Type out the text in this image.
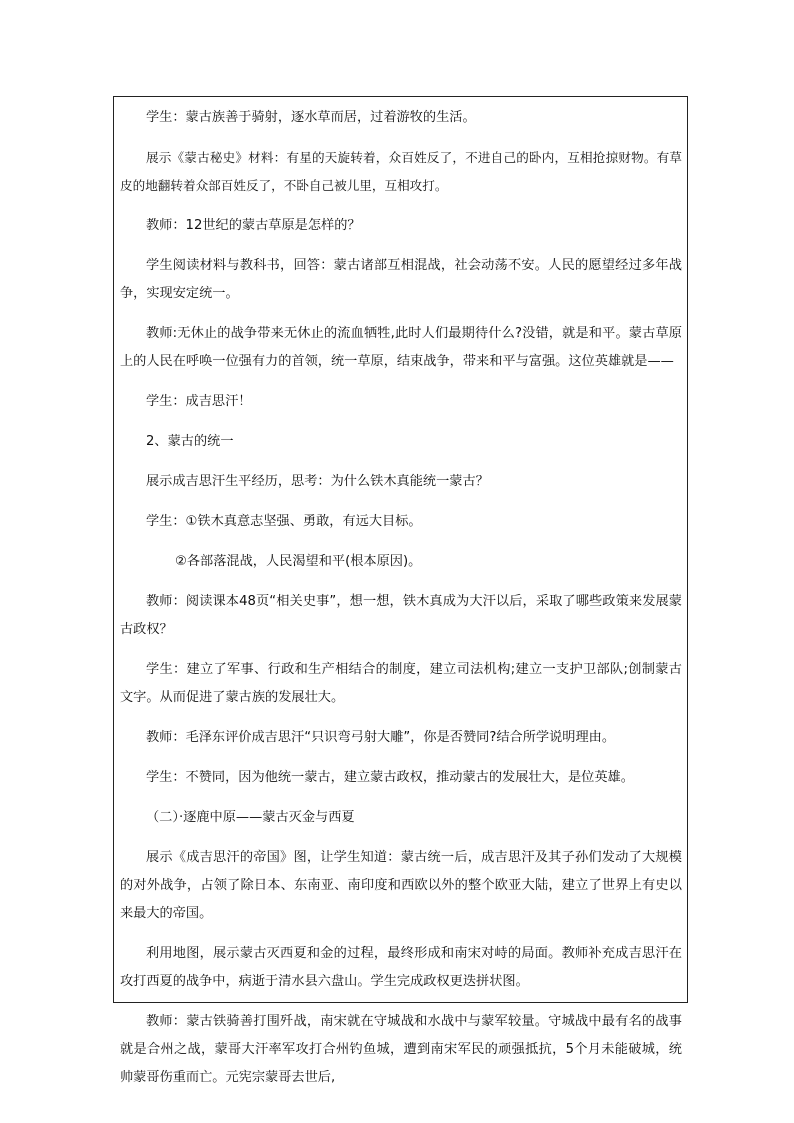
学生：蒙古族善于骑射，逐水草而居，过着游牧的生活。

展示《蒙古秘史》材料：有星的天旋转着，众百姓反了，不进自己的卧内，互相抢掠财物。有草皮的地翻转着众部百姓反了，不卧自己被儿里，互相攻打。

教师：12世纪的蒙古草原是怎样的？

学生阅读材料与教科书，回答：蒙古诸部互相混战，社会动荡不安。人民的愿望经过多年战争，实现安定统一。

教师:无休止的战争带来无休止的流血牺牲,此时人们最期待什么?没错，就是和平。蒙古草原上的人民在呼唤一位强有力的首领，统一草原，结束战争，带来和平与富强。这位英雄就是——

学生：成吉思汗！

2、蒙古的统一

展示成吉思汗生平经历，思考：为什么铁木真能统一蒙古？

学生：①铁木真意志坚强、勇敢，有远大目标。

②各部落混战，人民渴望和平(根本原因)。

教师：阅读课本48页“相关史事”，想一想，铁木真成为大汗以后，采取了哪些政策来发展蒙古政权？

学生：建立了军事、行政和生产相结合的制度，建立司法机构;建立一支护卫部队;创制蒙古文字。从而促进了蒙古族的发展壮大。

教师：毛泽东评价成吉思汗“只识弯弓射大雕”，你是否赞同?结合所学说明理由。

学生：不赞同，因为他统一蒙古，建立蒙古政权，推动蒙古的发展壮大，是位英雄。

（二）·逐鹿中原——蒙古灭金与西夏

展示《成吉思汗的帝国》图，让学生知道：蒙古统一后，成吉思汗及其子孙们发动了大规模的对外战争，占领了除日本、东南亚、南印度和西欧以外的整个欧亚大陆，建立了世界上有史以来最大的帝国。

利用地图，展示蒙古灭西夏和金的过程，最终形成和南宋对峙的局面。教师补充成吉思汗在攻打西夏的战争中，病逝于清水县六盘山。学生完成政权更迭拼状图。

教师：蒙古铁骑善打围歼战，南宋就在守城战和水战中与蒙军较量。守城战中最有名的战事就是合州之战，蒙哥大汗率军攻打合州钓鱼城，遭到南宋军民的顽强抵抗，5个月未能破城，统帅蒙哥伤重而亡。元宪宗蒙哥去世后,
